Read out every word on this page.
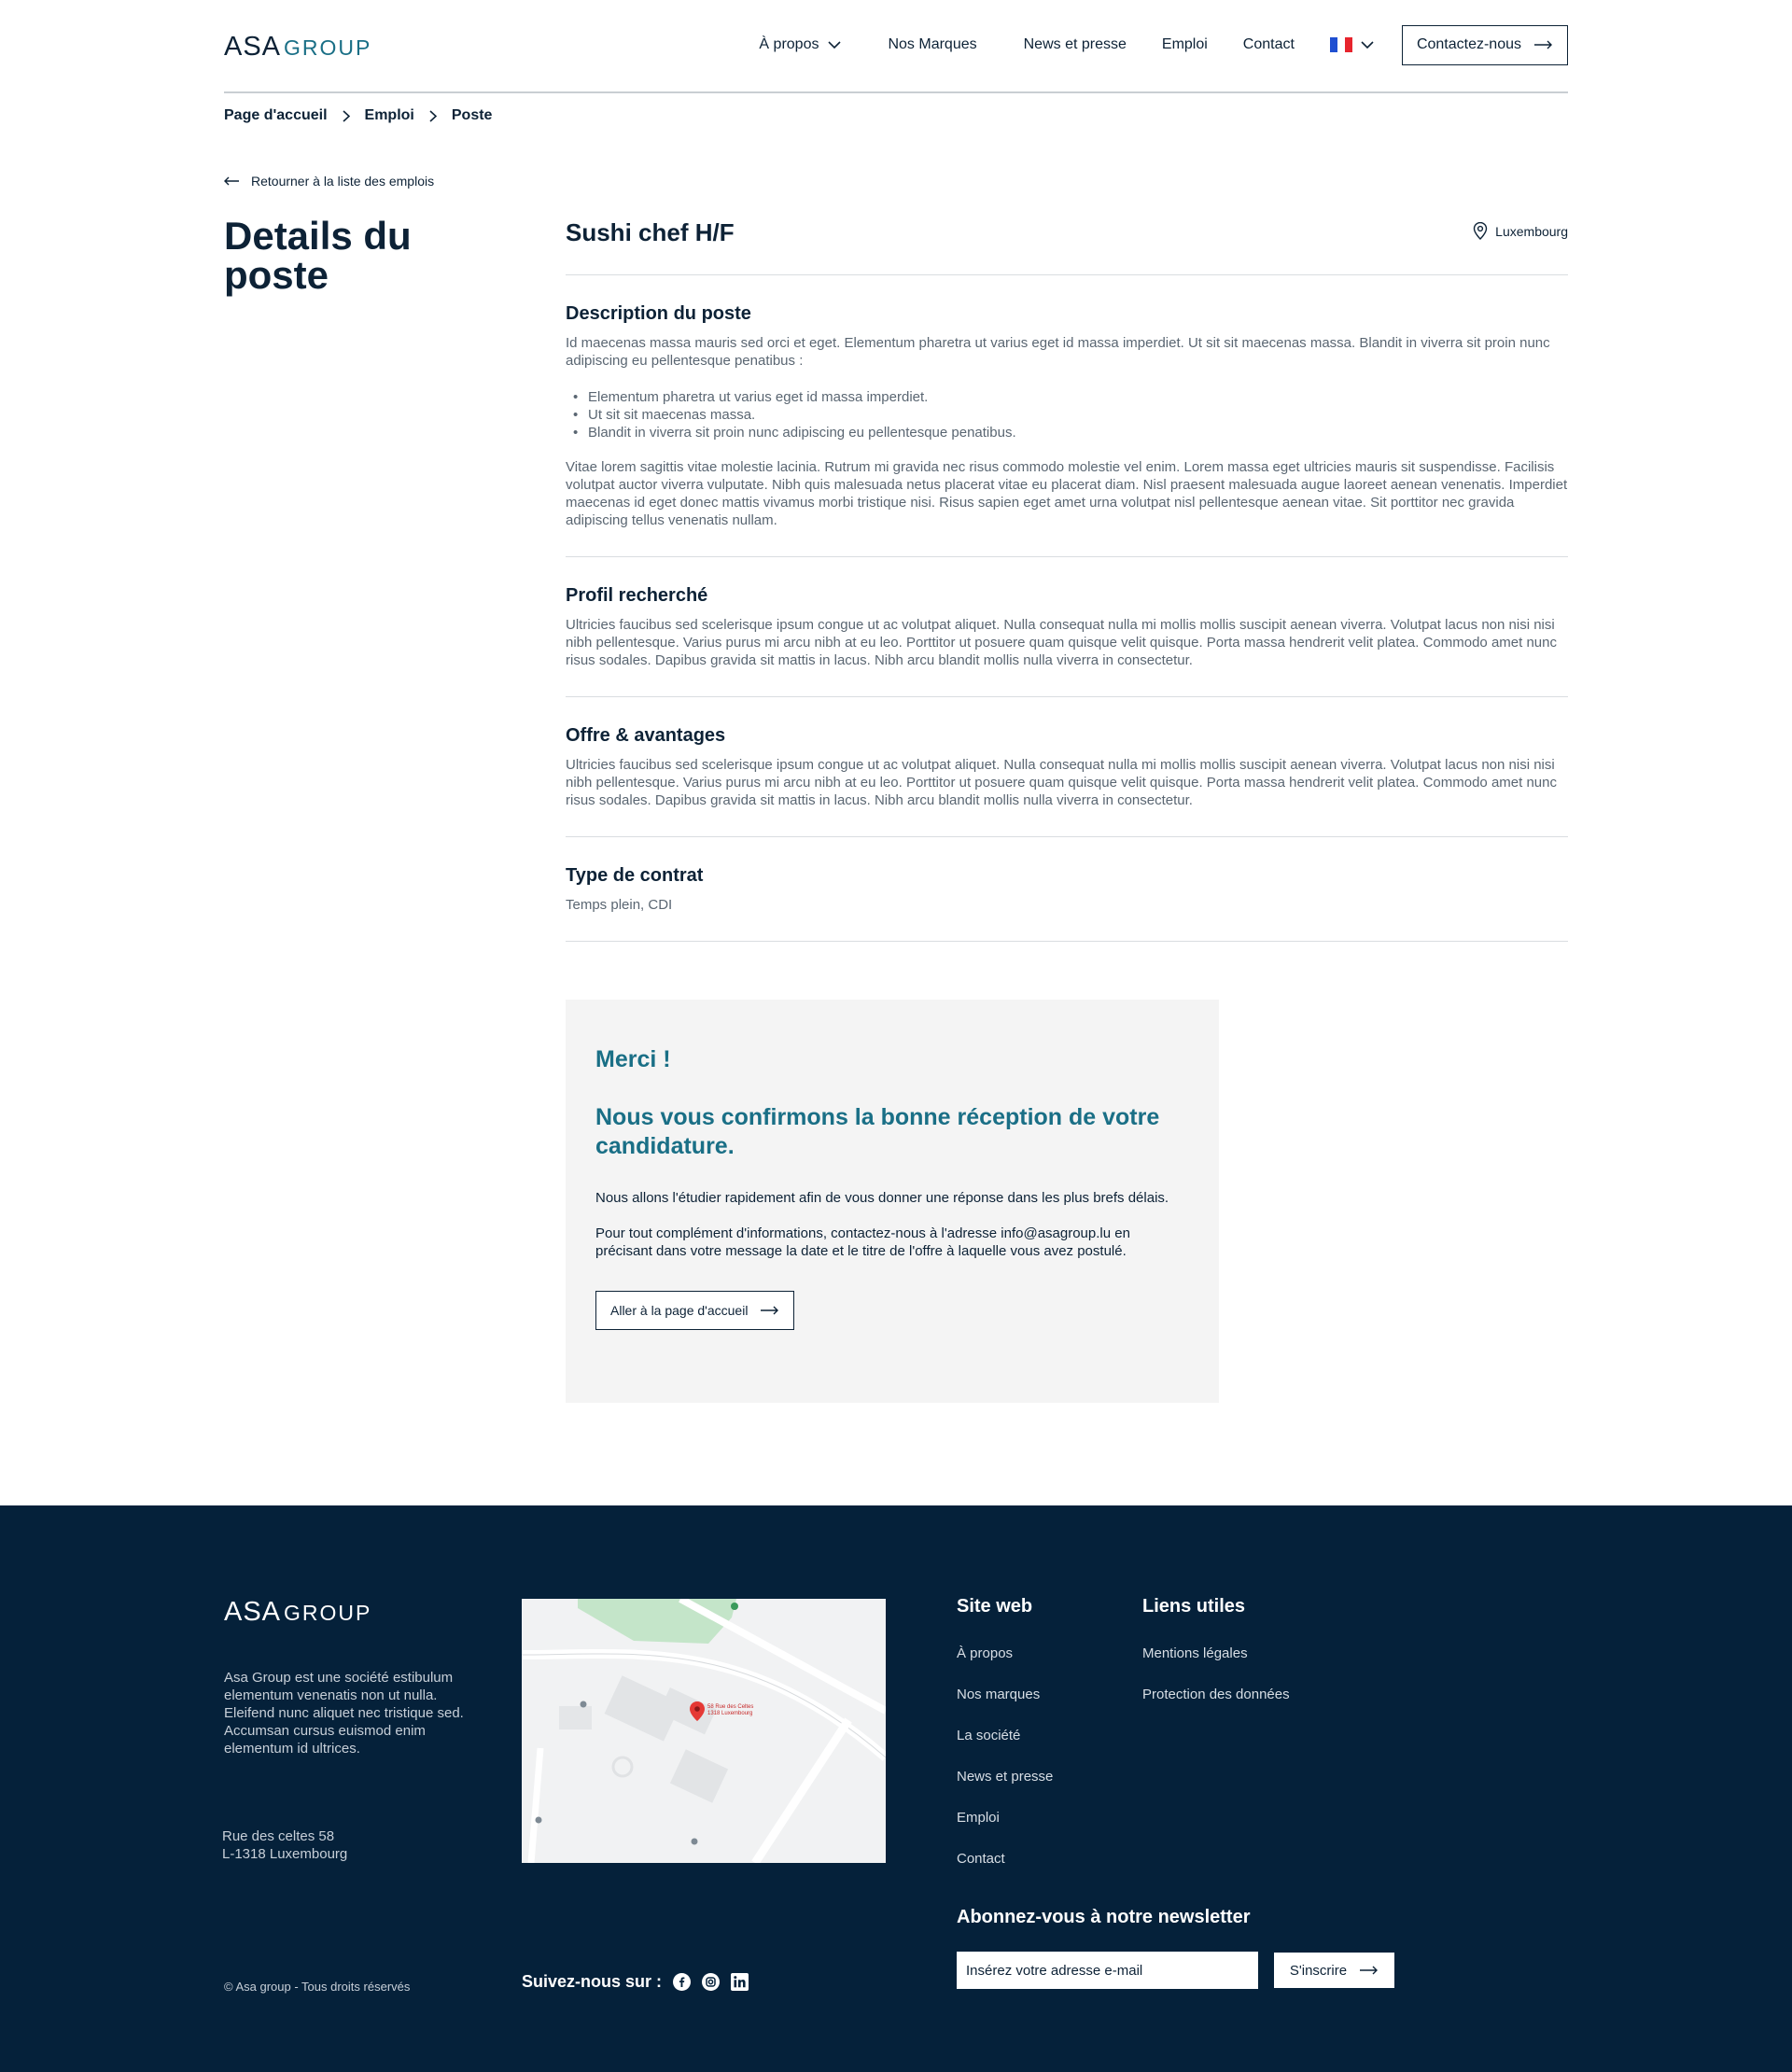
ASA GROUP	À propos	Nos Marques	News et presse Emploi Contact	Contactez-nous
Page d'accueil	Emploi	Poste
Retourner à la liste des emplois
Details du poste
Sushi chef H/F	Luxembourg
Description du poste

Id maecenas massa mauris sed orci et eget. Elementum pharetra ut varius eget id massa imperdiet. Ut sit sit maecenas massa. Blandit in viverra sit proin nunc adipiscing eu pellentesque penatibus :

• Elementum pharetra ut varius eget id massa imperdiet.
• Ut sit sit maecenas massa.
• Blandit in viverra sit proin nunc adipiscing eu pellentesque penatibus.

Vitae lorem sagittis vitae molestie lacinia. Rutrum mi gravida nec risus commodo molestie vel enim. Lorem massa eget ultricies mauris sit suspendisse. Facilisis volutpat auctor viverra vulputate. Nibh quis malesuada netus placerat vitae eu placerat diam. Nisl praesent malesuada augue laoreet aenean venenatis. Imperdiet maecenas id eget donec mattis vivamus morbi tristique nisi. Risus sapien eget amet urna volutpat nisl pellentesque aenean vitae. Sit porttitor nec gravida adipiscing tellus venenatis nullam.

Profil recherché

Ultricies faucibus sed scelerisque ipsum congue ut ac volutpat aliquet. Nulla consequat nulla mi mollis mollis suscipit aenean viverra. Volutpat lacus non nisi nisi nibh pellentesque. Varius purus mi arcu nibh at eu leo. Porttitor ut posuere quam quisque velit quisque. Porta massa hendrerit velit platea. Commodo amet nunc risus sodales. Dapibus gravida sit mattis in lacus. Nibh arcu blandit mollis nulla viverra in consectetur.

Offre & avantages

Ultricies faucibus sed scelerisque ipsum congue ut ac volutpat aliquet. Nulla consequat nulla mi mollis mollis suscipit aenean viverra. Volutpat lacus non nisi nisi nibh pellentesque. Varius purus mi arcu nibh at eu leo. Porttitor ut posuere quam quisque velit quisque. Porta massa hendrerit velit platea. Commodo amet nunc risus sodales. Dapibus gravida sit mattis in lacus. Nibh arcu blandit mollis nulla viverra in consectetur.

Type de contrat

Temps plein, CDI

Merci !
Nous vous confirmons la bonne réception de votre candidature.

Nous allons l'étudier rapidement afin de vous donner une réponse dans les plus brefs délais.

Pour tout complément d'informations, contactez-nous à l'adresse info@asagroup.lu en précisant dans votre message la date et le titre de l'offre à laquelle vous avez postulé.

Aller à la page d'accueil
ASA GROUP

Asa Group est une société estibulum elementum venenatis non ut nulla. Eleifend nunc aliquet nec tristique sed. Accumsan cursus euismod enim elementum id ultrices.

Rue des celtes 58
L-1318 Luxembourg
58 Rue des Celtes
1318 Luxembourg
Site web
À propos
Nos marques
La société
News et presse
Emploi
Contact
Liens utiles
Mentions légales
Protection des données
Abonnez-vous à notre newsletter
Insérez votre adresse e-mail
S'inscrire
© Asa group - Tous droits réservés	Suivez-nous sur :
